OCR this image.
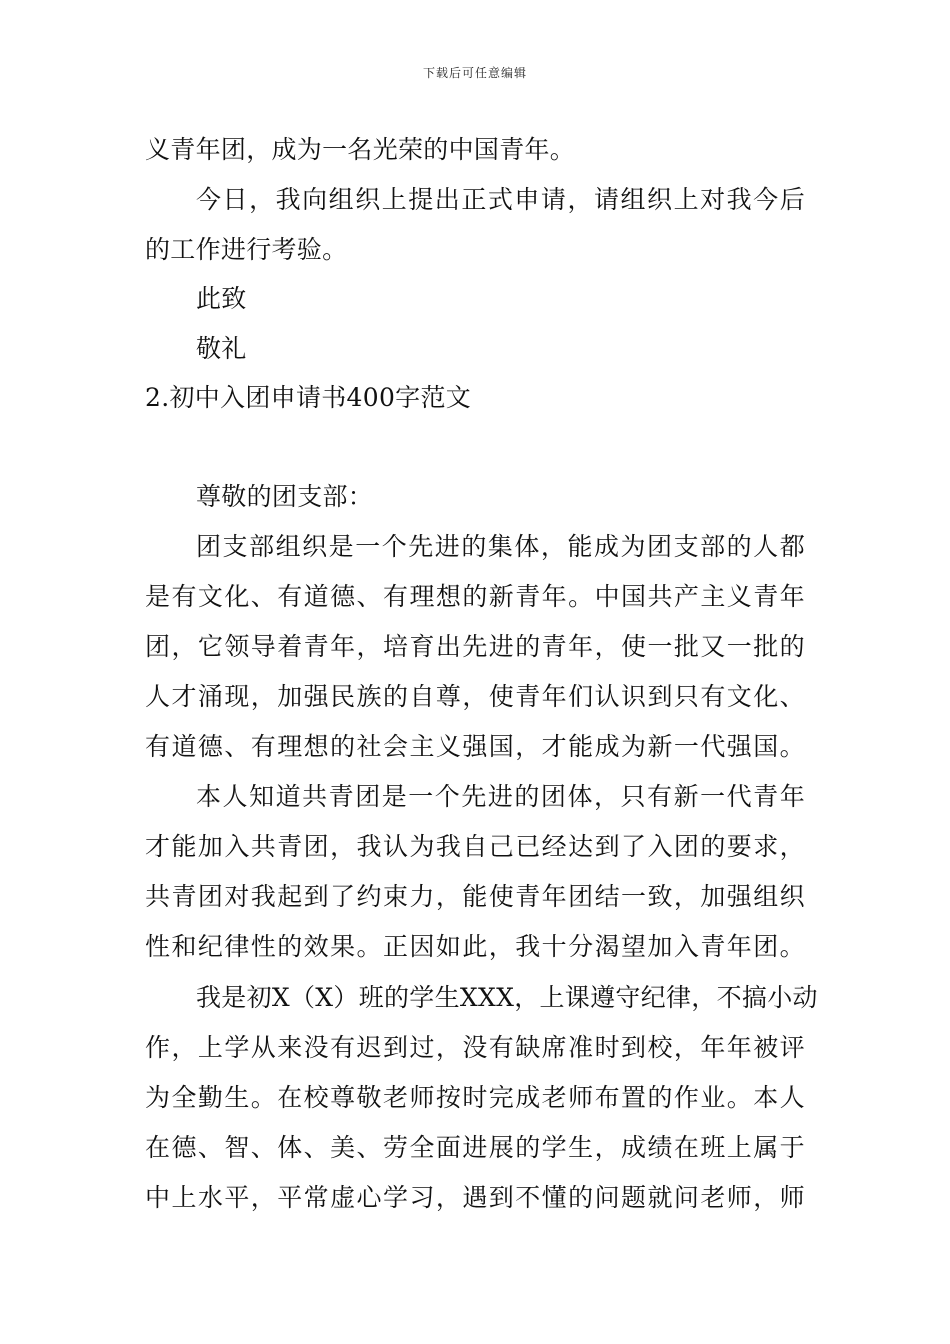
下载后可任意编辑
义青年团，成为一名光荣的中国青年。
今日，我向组织上提出正式申请，请组织上对我今后
的工作进行考验。
此致
敬礼
2.初中入团申请书400字范文
尊敬的团支部：
团支部组织是一个先进的集体，能成为团支部的人都
是有文化、有道德、有理想的新青年。中国共产主义青年
团，它领导着青年，培育出先进的青年，使一批又一批的
人才涌现，加强民族的自尊，使青年们认识到只有文化、
有道德、有理想的社会主义强国，才能成为新一代强国。
本人知道共青团是一个先进的团体，只有新一代青年
才能加入共青团，我认为我自己已经达到了入团的要求，
共青团对我起到了约束力，能使青年团结一致，加强组织
性和纪律性的效果。正因如此，我十分渴望加入青年团。
我是初X（X）班的学生XXX，上课遵守纪律，不搞小动
作，上学从来没有迟到过，没有缺席准时到校，年年被评
为全勤生。在校尊敬老师按时完成老师布置的作业。本人
在德、智、体、美、劳全面进展的学生，成绩在班上属于
中上水平，平常虚心学习，遇到不懂的问题就问老师，师
